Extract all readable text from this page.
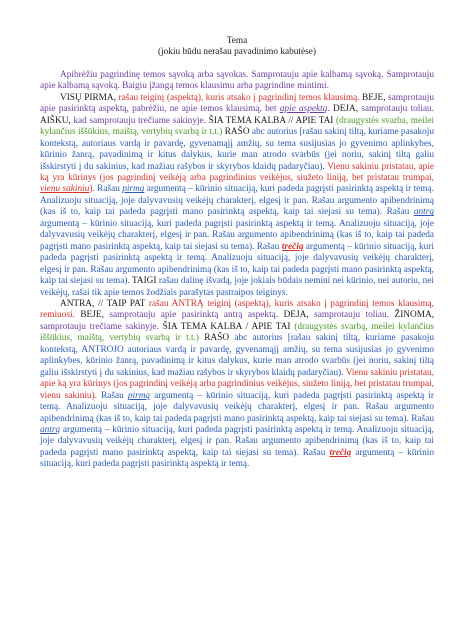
Tema
(jokiu būdu nerašau pavadinimo kabutėse)

Apibrėžiu pagrindinę temos sąvoką arba sąvokas. Samprotauju apie kalbamą sąvoką. Samprotauju apie kalbamą sąvoką. Baigiu įžangą temos klausimu arba pagrindine mintimi.

VISŲ PIRMA, rašau teiginį (aspektą), kuris atsako į pagrindinį temos klausimą. BEJE, samprotauju apie pasirinktą aspektą, pabrėžiu, ne apie temos klausimą, bet apie aspektą. DEJA, samprotauju toliau. AIŠKU, kad samprotauju trečiame sakinyje. ŠIA TEMA KALBA // APIE TAI (draugystės svarba, meilei kylančius iššūkius, maištą, vertybių svarbą ir t.t.) RAŠO abc autorius [rašau sakinį tiltą, kuriame pasakoju kontekstą, autoriaus vardą ir pavardę, gyvenamąjį amžių, su tema susijusias jo gyvenimo aplinkybes, kūrinio žanrą, pavadinimą ir kitus dalykus, kurie man atrodo svarbūs (jei noriu, sakinį tiltą galiu išskirstyti į du sakinius, kad mažiau rašybos ir skyrybos klaidų padaryčiau). Vienu sakiniu pristatau, apie ką yra kūrinys (jos pagrindinį veikėją arba pagrindinius veikėjus, siužeto liniją, bet pristatau trumpai, vienu sakiniu). Rašau pirmą argumentą – kūrinio situaciją, kuri padeda pagrįsti pasirinktą aspektą ir temą. Analizuoju situaciją, joje dalyvavusių veikėjų charakterį, elgesį ir pan. Rašau argumento apibendrinimą (kas iš to, kaip tai padeda pagrįsti mano pasirinktą aspektą, kaip tai siejasi su tema). Rašau antrą argumentą – kūrinio situaciją, kuri padeda pagrįsti pasirinktą aspektą ir temą. Analizuoju situaciją, joje dalyvavusių veikėjų charakterį, elgesį ir pan. Rašau argumento apibendrinimą (kas iš to, kaip tai padeda pagrįsti mano pasirinktą aspektą, kaip tai siejasi su tema). Rašau trečią argumentą – kūrinio situaciją, kuri padeda pagrįsti pasirinktą aspektą ir temą. Analizuoju situaciją, joje dalyvavusių veikėjų charakterį, elgesį ir pan. Rašau argumento apibendrinimą (kas iš to, kaip tai padeda pagrįsti mano pasirinktą aspektą, kaip tai siejasi su tema). TAIGI rašau dalinę išvadą, joje jokiais būdais nemini nei kūrinio, nei autoriu, nei veikėjų, rašai tik apie temos žodžiais parašytas pastraipos teiginys.

ANTRA, // TAIP PAT rašau ANTRĄ teiginį (aspektą), kuris atsako į pagrindinį temos klausimą, remiuosi. BEJE, samprotauju apie pasirinktą antrą aspektą. DEJA, samprotauju toliau. ŽINOMA, samprotauju trečiame sakinyje. ŠIA TEMA KALBA / APIE TAI (draugystės svarbą, meilei kylančius iššūkius, maištą, vertybių svarbą ir t.t.) RAŠO abc autorius [rašau sakinį tiltą, kuriame pasakoju kontekstą, ANTROJO autoriaus vardą ir pavardę, gyvenamąjį amžių, su tema susijusias jo gyvenimo aplinkybes, kūrinio žanrą, pavadinimą ir kitus dalykus, kurie man atrodo svarbūs (jei noriu, sakinį tiltą galiu išskirstyti į du sakinius, kad mažiau rašybos ir skyrybos klaidų padaryčiau). Vienu sakiniu pristatau, apie ką yra kūrinys (jos pagrindinį veikėją arba pagrindinius veikėjus, siužeto liniją, bet pristatau trumpai, vienu sakiniu). Rašau pirmą argumentą – kūrinio situaciją, kuri padeda pagrįsti pasirinktą aspektą ir temą. Analizuoju situaciją, joje dalyvavusių veikėjų charakterį, elgesį ir pan. Rašau argumento apibendrinimą (kas iš to, kaip tai padeda pagrįsti mano pasirinktą aspektą, kaip tai siejasi su tema). Rašau antrą argumentą – kūrinio situaciją, kuri padeda pagrįsti pasirinktą aspektą ir temą. Analizuoju situaciją, joje dalyvavusių veikėjų charakterį, elgesį ir pan. Rašau argumento apibendrinimą (kas iš to, kaip tai padeda pagrįsti mano pasirinktą aspektą, kaip tai siejasi su tema). Rašau trečią argumentą – kūrinio situaciją, kuri padeda pagrįsti pasirinktą aspektą ir temą.
